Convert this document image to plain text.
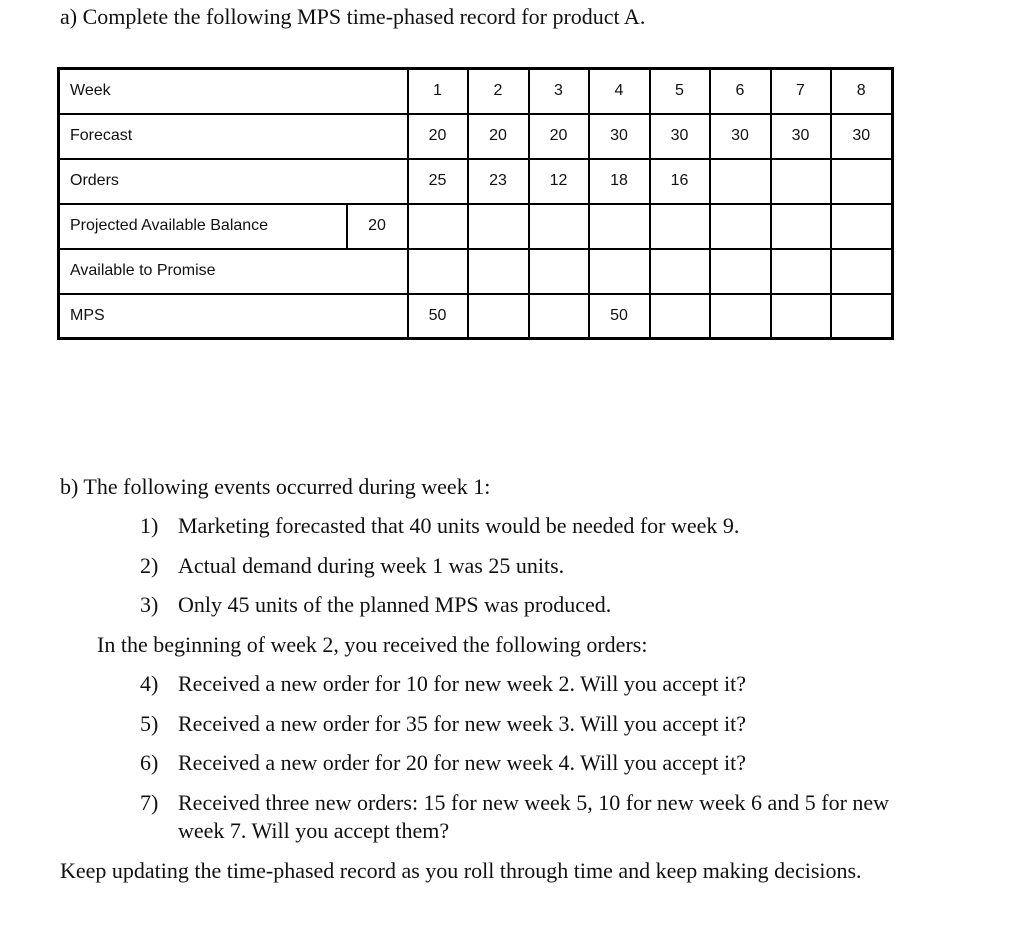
a) Complete the following MPS time-phased record for product A.
Week		1	2	3	4	5	6	7	8
Forecast		20	20	20	30	30	30	30	30
Orders		25	23	12	18	16			
Projected Available Balance	20								
Available to Promise									
MPS		50			50				
b) The following events occurred during week 1:
1) Marketing forecasted that 40 units would be needed for week 9.
2) Actual demand during week 1 was 25 units.
3) Only 45 units of the planned MPS was produced.
In the beginning of week 2, you received the following orders:
4) Received a new order for 10 for new week 2. Will you accept it?
5) Received a new order for 35 for new week 3. Will you accept it?
6) Received a new order for 20 for new week 4. Will you accept it?
7) Received three new orders: 15 for new week 5, 10 for new week 6 and 5 for new
week 7. Will you accept them?
Keep updating the time-phased record as you roll through time and keep making decisions.
